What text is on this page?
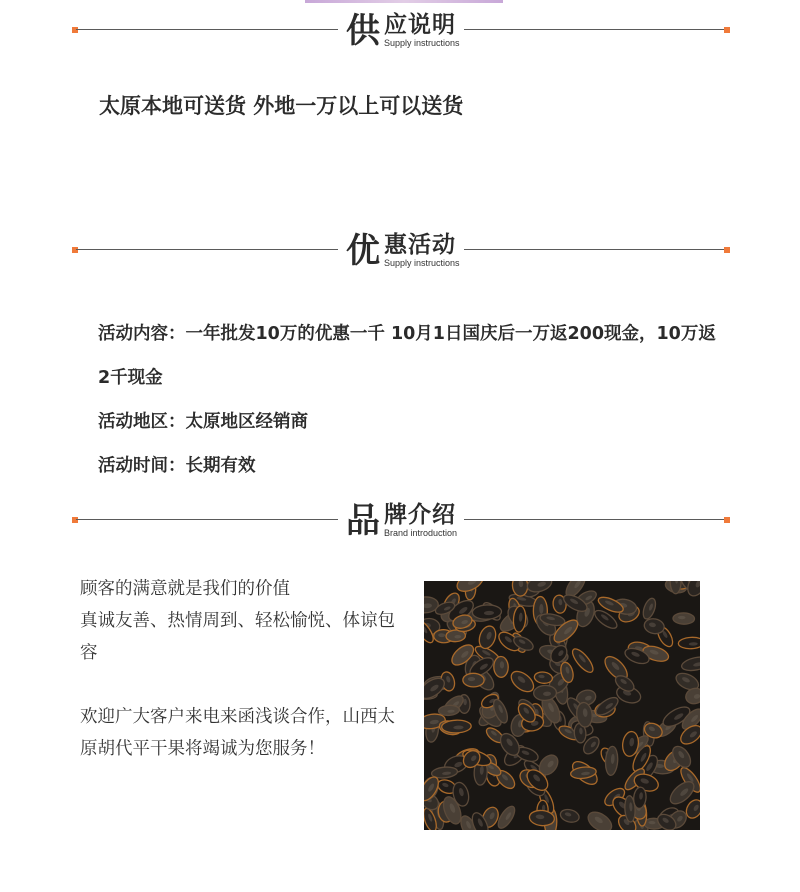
供 应说明
Supply instructions
太原本地可送货 外地一万以上可以送货
优 惠活动
Supply instructions
活动内容：一年批发10万的优惠一千 10月1日国庆后一万返200现金，10万返2千现金
活动地区：太原地区经销商
活动时间：长期有效
品 牌介绍
Brand introduction

顾客的满意就是我们的价值

真诚友善、热情周到、轻松愉悦、体谅包容

欢迎广大客户来电来函浅谈合作，山西太原胡代平干果将竭诚为您服务！
